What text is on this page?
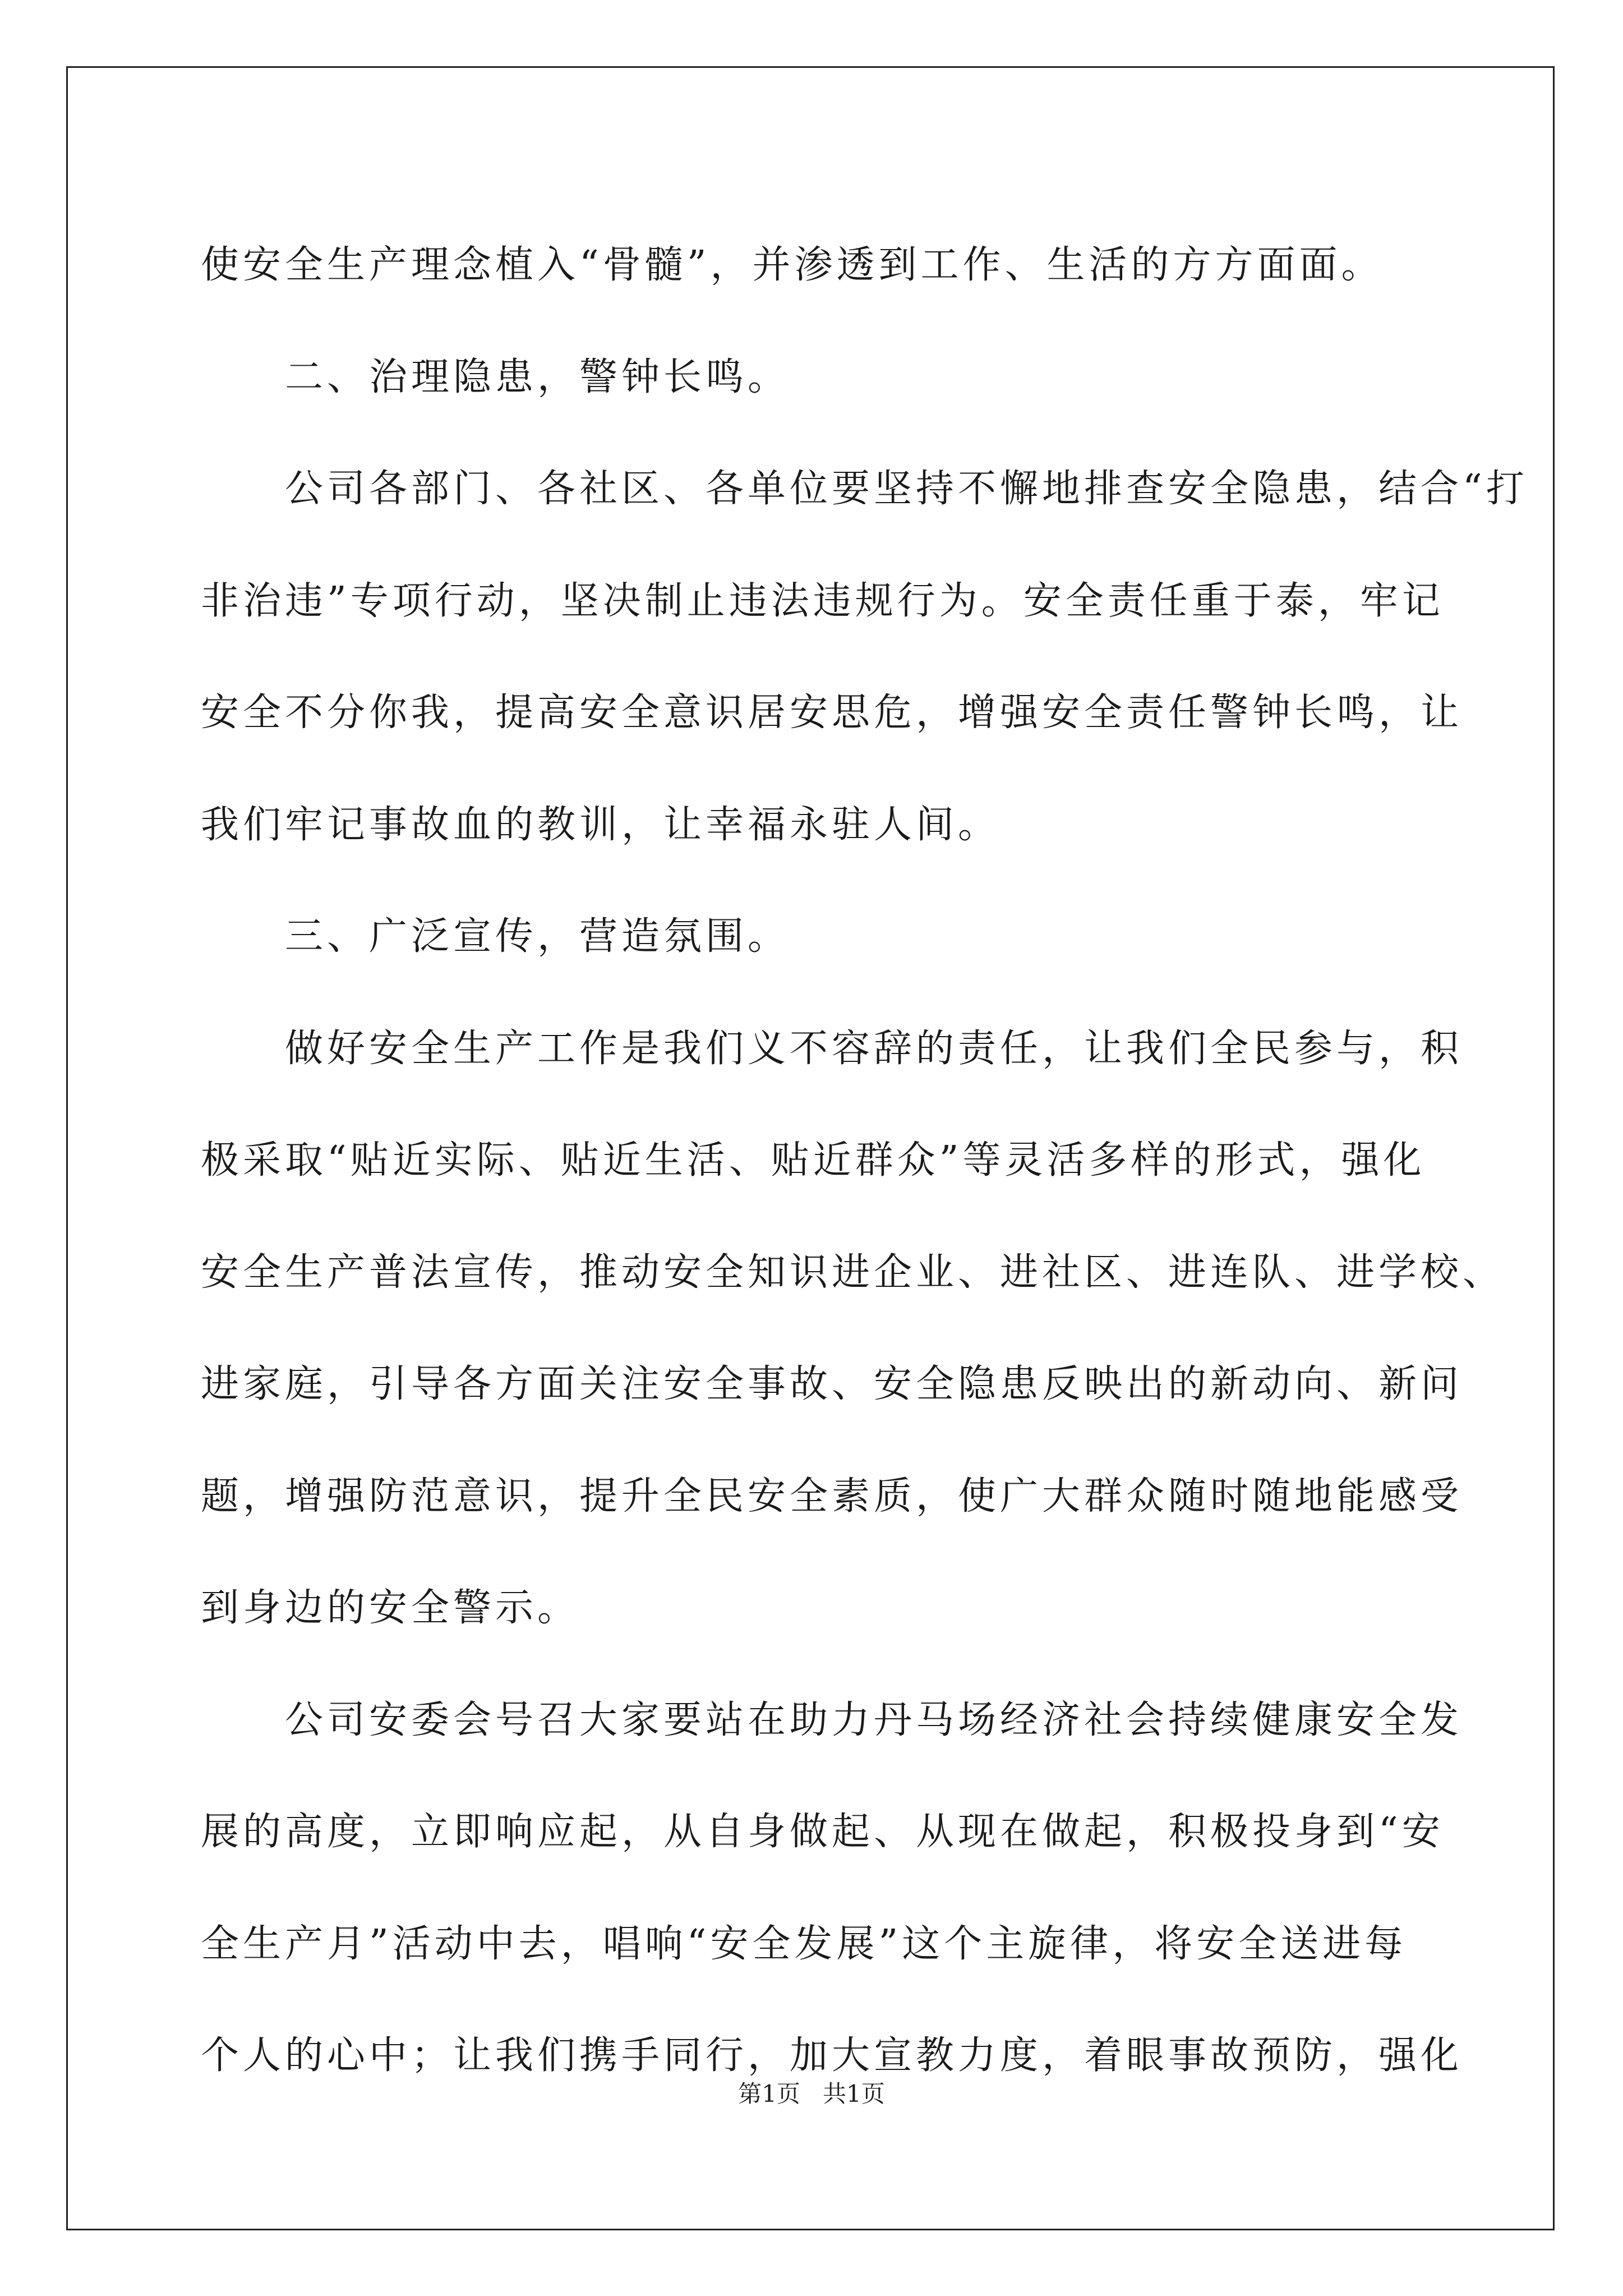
使安全生产理念植入“骨髓”，并渗透到工作、生活的方方面面。
二、治理隐患，警钟长鸣。
公司各部门、各社区、各单位要坚持不懈地排查安全隐患，结合“打
非治违”专项行动，坚决制止违法违规行为。安全责任重于泰，牢记
安全不分你我，提高安全意识居安思危，增强安全责任警钟长鸣，让
我们牢记事故血的教训，让幸福永驻人间。
三、广泛宣传，营造氛围。
做好安全生产工作是我们义不容辞的责任，让我们全民参与，积
极采取“贴近实际、贴近生活、贴近群众”等灵活多样的形式，强化
安全生产普法宣传，推动安全知识进企业、进社区、进连队、进学校、
进家庭，引导各方面关注安全事故、安全隐患反映出的新动向、新问
题，增强防范意识，提升全民安全素质，使广大群众随时随地能感受
到身边的安全警示。
公司安委会号召大家要站在助力丹马场经济社会持续健康安全发
展的高度，立即响应起，从自身做起、从现在做起，积极投身到“安
全生产月”活动中去，唱响“安全发展”这个主旋律，将安全送进每
个人的心中；让我们携手同行，加大宣教力度，着眼事故预防，强化
第1页   共1页
